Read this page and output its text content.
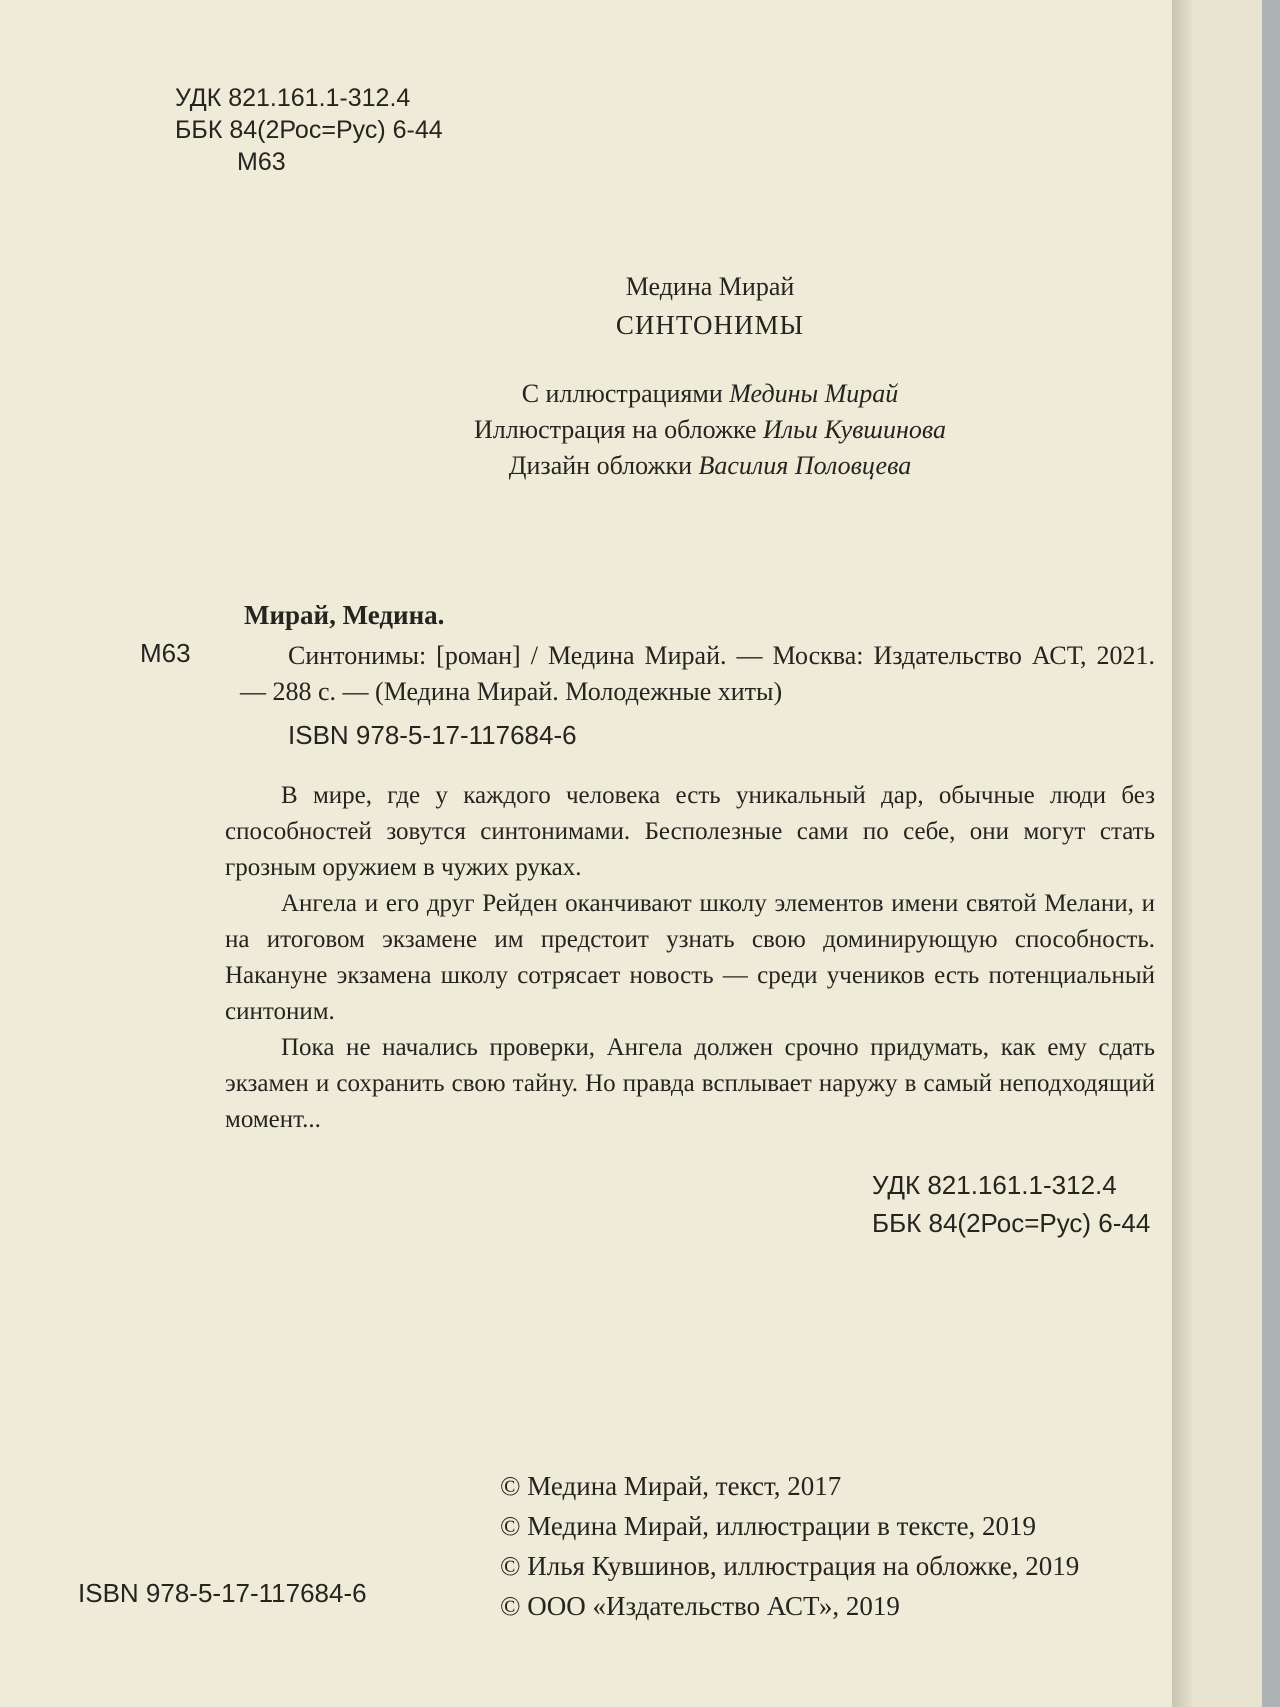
УДК 821.161.1-312.4
ББК 84(2Рос=Рус) 6-44
М63
Медина Мирай
СИНТОНИМЫ
С иллюстрациями Медины Мирай
Иллюстрация на обложке Ильи Кувшинова
Дизайн обложки Василия Половцева
Мирай, Медина.
М63	Синтонимы: [роман] / Медина Мирай. — Москва: Издательство АСТ, 2021. — 288 с. — (Медина Мирай. Молодежные хиты)
ISBN 978-5-17-117684-6

В мире, где у каждого человека есть уникальный дар, обычные люди без способностей зовутся синтонимами. Бесполезные сами по себе, они могут стать грозным оружием в чужих руках.

Ангела и его друг Рейден оканчивают школу элементов имени святой Мелани, и на итоговом экзамене им предстоит узнать свою доминирующую способность. Накануне экзамена школу сотрясает новость — среди учеников есть потенциальный синтоним.

Пока не начались проверки, Ангела должен срочно придумать, как ему сдать экзамен и сохранить свою тайну. Но правда всплывает наружу в самый неподходящий момент...

УДК 821.161.1-312.4
ББК 84(2Рос=Рус) 6-44
© Медина Мирай, текст, 2017
© Медина Мирай, иллюстрации в тексте, 2019
© Илья Кувшинов, иллюстрация на обложке, 2019
© ООО «Издательство АСТ», 2019
ISBN 978-5-17-117684-6
